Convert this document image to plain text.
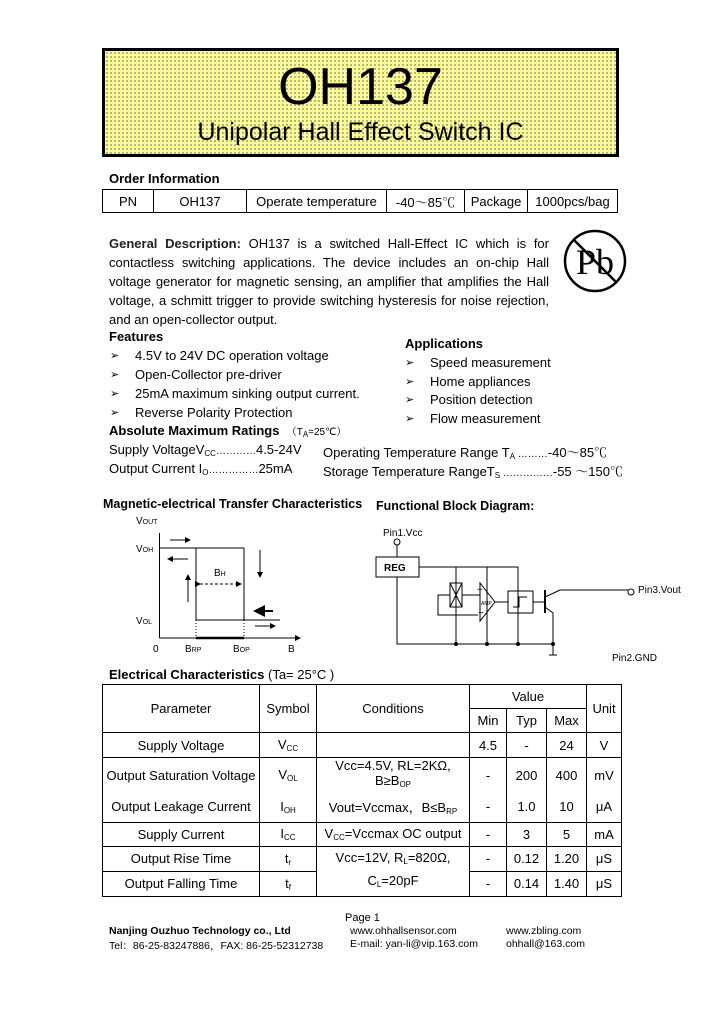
OH137
Unipolar Hall Effect Switch IC
Order Information
PN	OH137	Operate temperature	-40～85℃	Package	1000pcs/bag
General Description: OH137 is a switched Hall-Effect IC which is for contactless switching applications. The device includes an on-chip Hall voltage generator for magnetic sensing, an amplifier that amplifies the Hall voltage, a schmitt trigger to provide switching hysteresis for noise rejection, and an open-collector output.
Pb
Features
➢ 4.5V to 24V DC operation voltage
➢ Open-Collector pre-driver
➢ 25mA maximum sinking output current.
➢ Reverse Polarity Protection
Applications
➢ Speed measurement
➢ Home appliances
➢ Position detection
➢ Flow measurement
Absolute Maximum Ratings $(T_A=25℃)$
Supply VoltageV$_{CC}$…………4.5-24V
Output Current $I_O\dots\dots\dots\dots\dots 25mA$
Operating Temperature Range $T_A$ ………-40～85℃
Storage Temperature RangeT$_S$ ……………-55 ～150℃
Magnetic-electrical Transfer Characteristics Functional Block Diagram:
VOUT
VOH
VOL
0	BRP	BOP	B
BH
Pin1.Vcc
REG
AMP
Pin3.Vout
Pin2.GND
+
−
Electrical Characteristics (Ta= 25°C )
Parameter	Symbol	Conditions	Value			Unit
			Min	Typ	Max	
Supply Voltage	$V_{CC}$		4.5	-	24	V
Output Saturation Voltage	$V_{OL}$	Vcc=4.5V, RL=2KΩ,
$B\ge B_{OP}$	-	200	400	mV
Output Leakage Current	$I_{OH}$	Vout=Vccmax，$B\le B_{RP}$	-	1.0	10	μA
Supply Current	$I_{CC}$	$V_{CC}=Vccmax$ OC output	-	3	5	mA
Output Rise Time	$t_r$	Vcc=12V, $R_L=820\Omega$,
$C_L=20pF$	-	0.12	1.20	μS
Output Falling Time	$t_f$		-	0.14	1.40	μS
Page 1
Nanjing Ouzhuo Technology co., Ltd
Tel：86-25-83247886，FAX: 86-25-52312738
www.ohhallsensor.com
E-mail: yan-li@vip.163.com
www.zbling.com
ohhall@163.com
